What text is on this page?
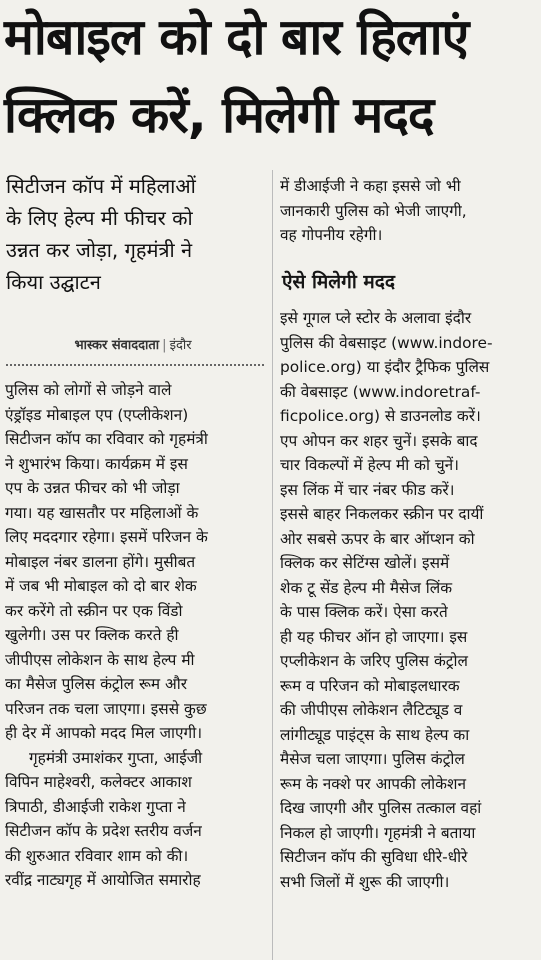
मोबाइल को दो बार हिलाएं
क्लिक करें, मिलेगी मदद
सिटीजन कॉप में महिलाओं
के लिए हेल्प मी फीचर को
उन्नत कर जोड़ा, गृहमंत्री ने
किया उद्घाटन
भास्कर संवाददाता | इंदौर
पुलिस को लोगों से जोड़ने वाले
एंड्रॉइड मोबाइल एप (एप्लीकेशन)
सिटीजन कॉप का रविवार को गृहमंत्री
ने शुभारंभ किया। कार्यक्रम में इस
एप के उन्नत फीचर को भी जोड़ा
गया। यह खासतौर पर महिलाओं के
लिए मददगार रहेगा। इसमें परिजन के
मोबाइल नंबर डालना होंगे। मुसीबत
में जब भी मोबाइल को दो बार शेक
कर करेंगे तो स्क्रीन पर एक विंडो
खुलेगी। उस पर क्लिक करते ही
जीपीएस लोकेशन के साथ हेल्प मी
का मैसेज पुलिस कंट्रोल रूम और
परिजन तक चला जाएगा। इससे कुछ
ही देर में आपको मदद मिल जाएगी।
गृहमंत्री उमाशंकर गुप्ता, आईजी
विपिन माहेश्वरी, कलेक्टर आकाश
त्रिपाठी, डीआईजी राकेश गुप्ता ने
सिटीजन कॉप के प्रदेश स्तरीय वर्जन
की शुरुआत रविवार शाम को की।
रवींद्र नाट्यगृह में आयोजित समारोह
में डीआईजी ने कहा इससे जो भी
जानकारी पुलिस को भेजी जाएगी,
वह गोपनीय रहेगी।
ऐसे मिलेगी मदद
इसे गूगल प्ले स्टोर के अलावा इंदौर
पुलिस की वेबसाइट (www.indore-
police.org) या इंदौर ट्रैफिक पुलिस
की वेबसाइट (www.indoretraf-
ficpolice.org) से डाउनलोड करें।
एप ओपन कर शहर चुनें। इसके बाद
चार विकल्पों में हेल्प मी को चुनें।
इस लिंक में चार नंबर फीड करें।
इससे बाहर निकलकर स्क्रीन पर दायीं
ओर सबसे ऊपर के बार ऑप्शन को
क्लिक कर सेटिंग्स खोलें। इसमें
शेक टू सेंड हेल्प मी मैसेज लिंक
के पास क्लिक करें। ऐसा करते
ही यह फीचर ऑन हो जाएगा। इस
एप्लीकेशन के जरिए पुलिस कंट्रोल
रूम व परिजन को मोबाइलधारक
की जीपीएस लोकेशन लैटिट्यूड व
लांगीट्यूड पाइंट्स के साथ हेल्प का
मैसेज चला जाएगा। पुलिस कंट्रोल
रूम के नक्शे पर आपकी लोकेशन
दिख जाएगी और पुलिस तत्काल वहां
निकल हो जाएगी। गृहमंत्री ने बताया
सिटीजन कॉप की सुविधा धीरे-धीरे
सभी जिलों में शुरू की जाएगी।
